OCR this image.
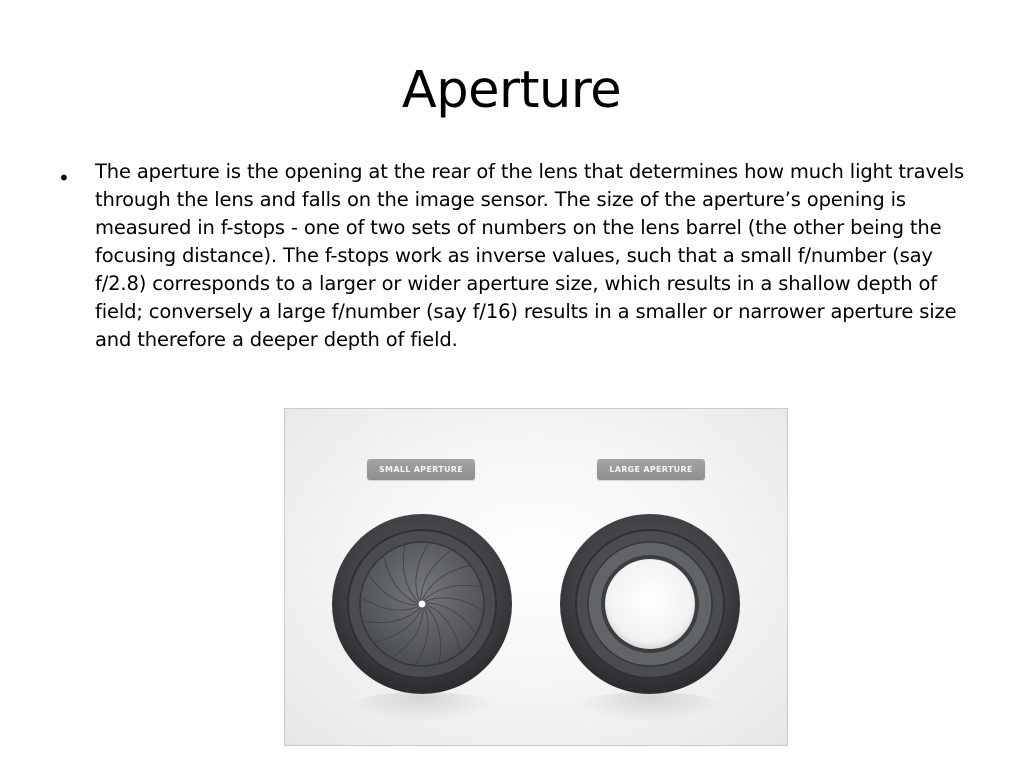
Aperture
• The aperture is the opening at the rear of the lens that determines how much light travels through the lens and falls on the image sensor. The size of the aperture’s opening is measured in f-stops - one of two sets of numbers on the lens barrel (the other being the focusing distance). The f-stops work as inverse values, such that a small f/number (say f/2.8) corresponds to a larger or wider aperture size, which results in a shallow depth of field; conversely a large f/number (say f/16) results in a smaller or narrower aperture size and therefore a deeper depth of field.

SMALL APERTURE	LARGE APERTURE
